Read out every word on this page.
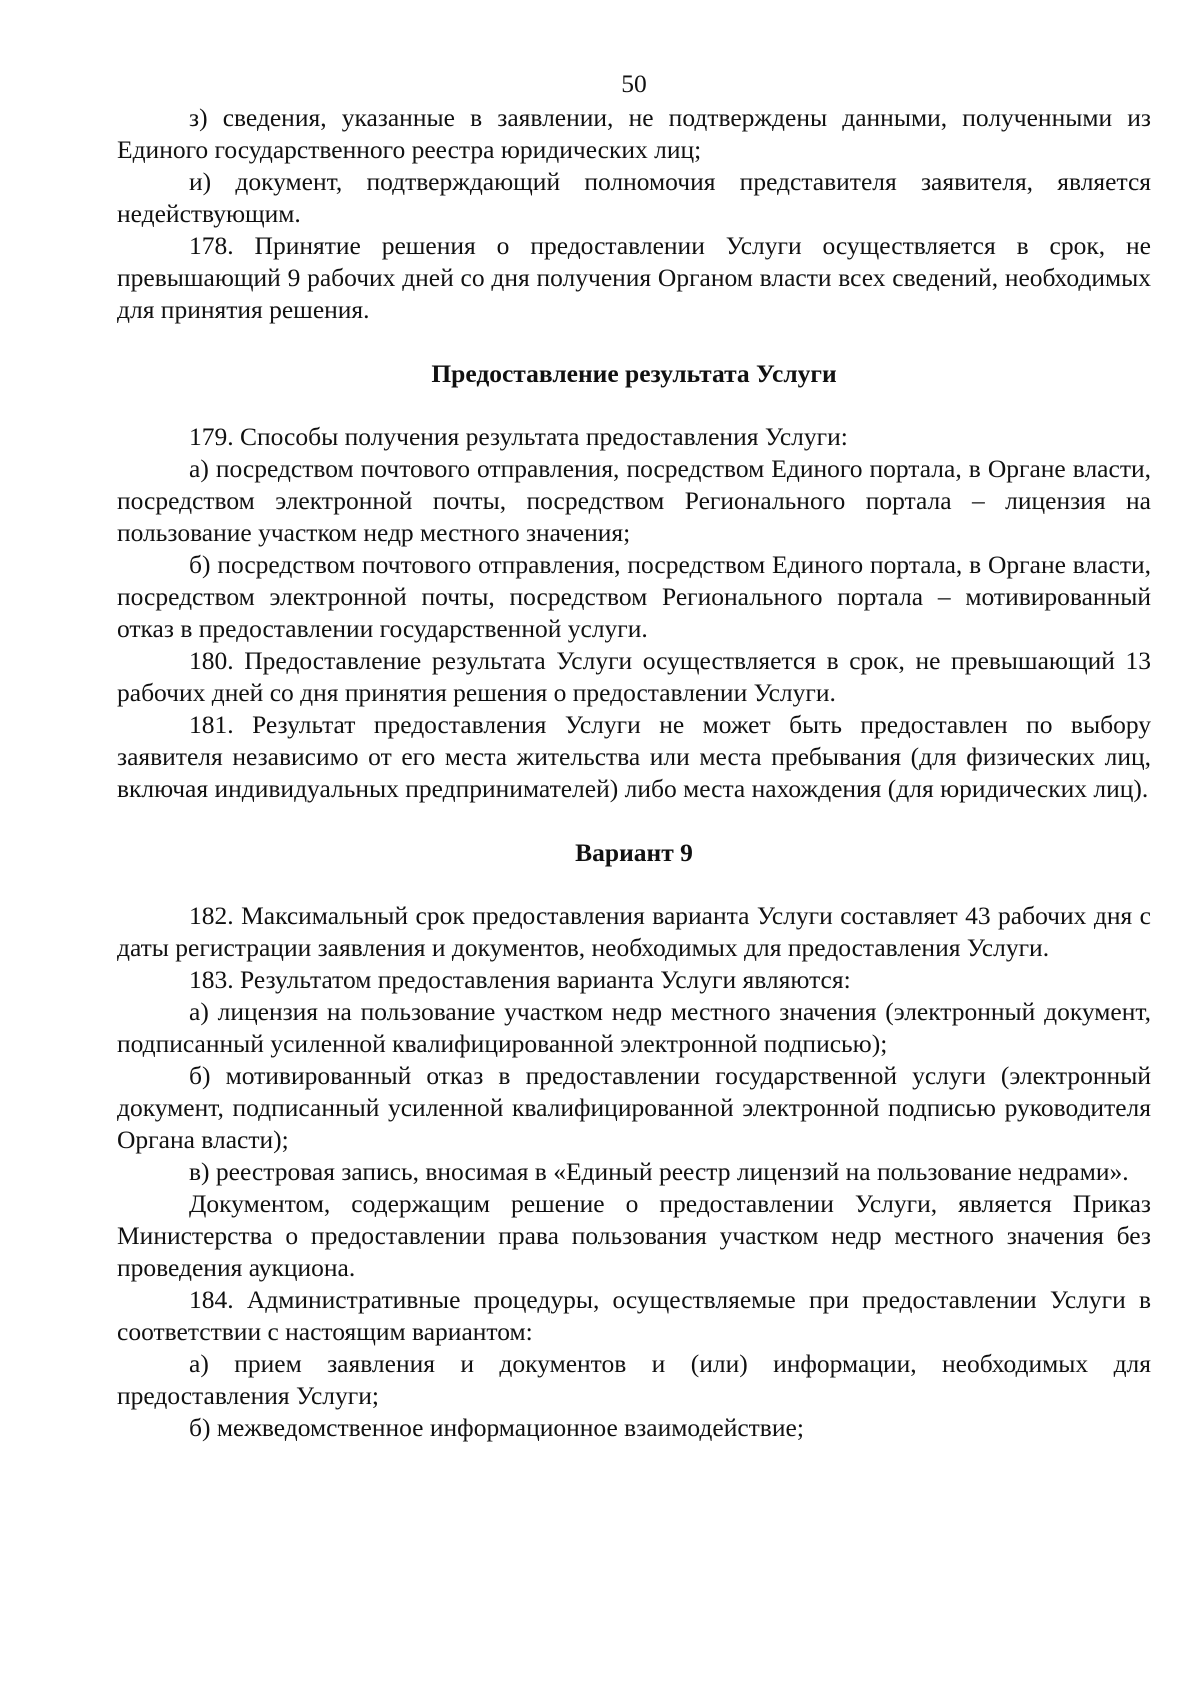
50

з) сведения, указанные в заявлении, не подтверждены данными, полученными из Единого государственного реестра юридических лиц;

и) документ, подтверждающий полномочия представителя заявителя, является недействующим.

178. Принятие решения о предоставлении Услуги осуществляется в срок, не превышающий 9 рабочих дней со дня получения Органом власти всех сведений, необходимых для принятия решения.

Предоставление результата Услуги

179. Способы получения результата предоставления Услуги:

а) посредством почтового отправления, посредством Единого портала, в Органе власти, посредством электронной почты, посредством Регионального портала – лицензия на пользование участком недр местного значения;

б) посредством почтового отправления, посредством Единого портала, в Органе власти, посредством электронной почты, посредством Регионального портала – мотивированный отказ в предоставлении государственной услуги.

180. Предоставление результата Услуги осуществляется в срок, не превышающий 13 рабочих дней со дня принятия решения о предоставлении Услуги.

181. Результат предоставления Услуги не может быть предоставлен по выбору заявителя независимо от его места жительства или места пребывания (для физических лиц, включая индивидуальных предпринимателей) либо места нахождения (для юридических лиц).

Вариант 9

182. Максимальный срок предоставления варианта Услуги составляет 43 рабочих дня с даты регистрации заявления и документов, необходимых для предоставления Услуги.

183. Результатом предоставления варианта Услуги являются:

а) лицензия на пользование участком недр местного значения (электронный документ, подписанный усиленной квалифицированной электронной подписью);

б) мотивированный отказ в предоставлении государственной услуги (электронный документ, подписанный усиленной квалифицированной электронной подписью руководителя Органа власти);

в) реестровая запись, вносимая в «Единый реестр лицензий на пользование недрами».

Документом, содержащим решение о предоставлении Услуги, является Приказ Министерства о предоставлении права пользования участком недр местного значения без проведения аукциона.

184. Административные процедуры, осуществляемые при предоставлении Услуги в соответствии с настоящим вариантом:

а) прием заявления и документов и (или) информации, необходимых для предоставления Услуги;

б) межведомственное информационное взаимодействие;
